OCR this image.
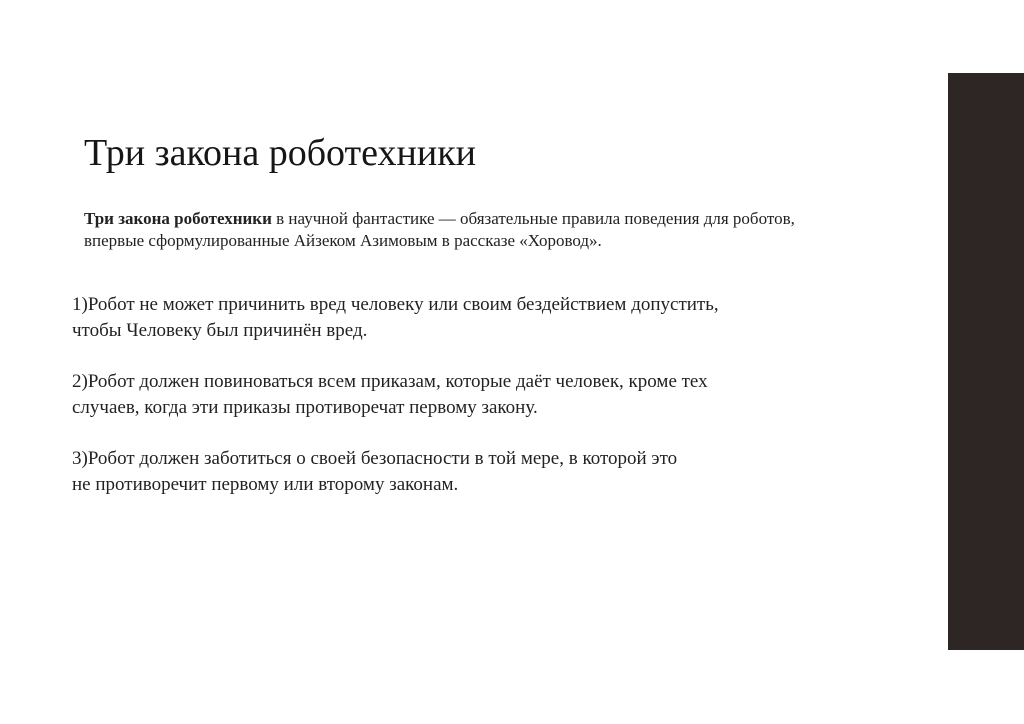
Три закона роботехники

Три закона роботехники в научной фантастике — обязательные правила поведения для роботов, впервые сформулированные Айзеком Азимовым в рассказе «Хоровод».

1)Робот не может причинить вред человеку или своим бездействием допустить,
чтобы Человеку был причинён вред.
2)Робот должен повиноваться всем приказам, которые даёт человек, кроме тех
случаев, когда эти приказы противоречат первому закону.
3)Робот должен заботиться о своей безопасности в той мере, в которой это
не противоречит первому или второму законам.
